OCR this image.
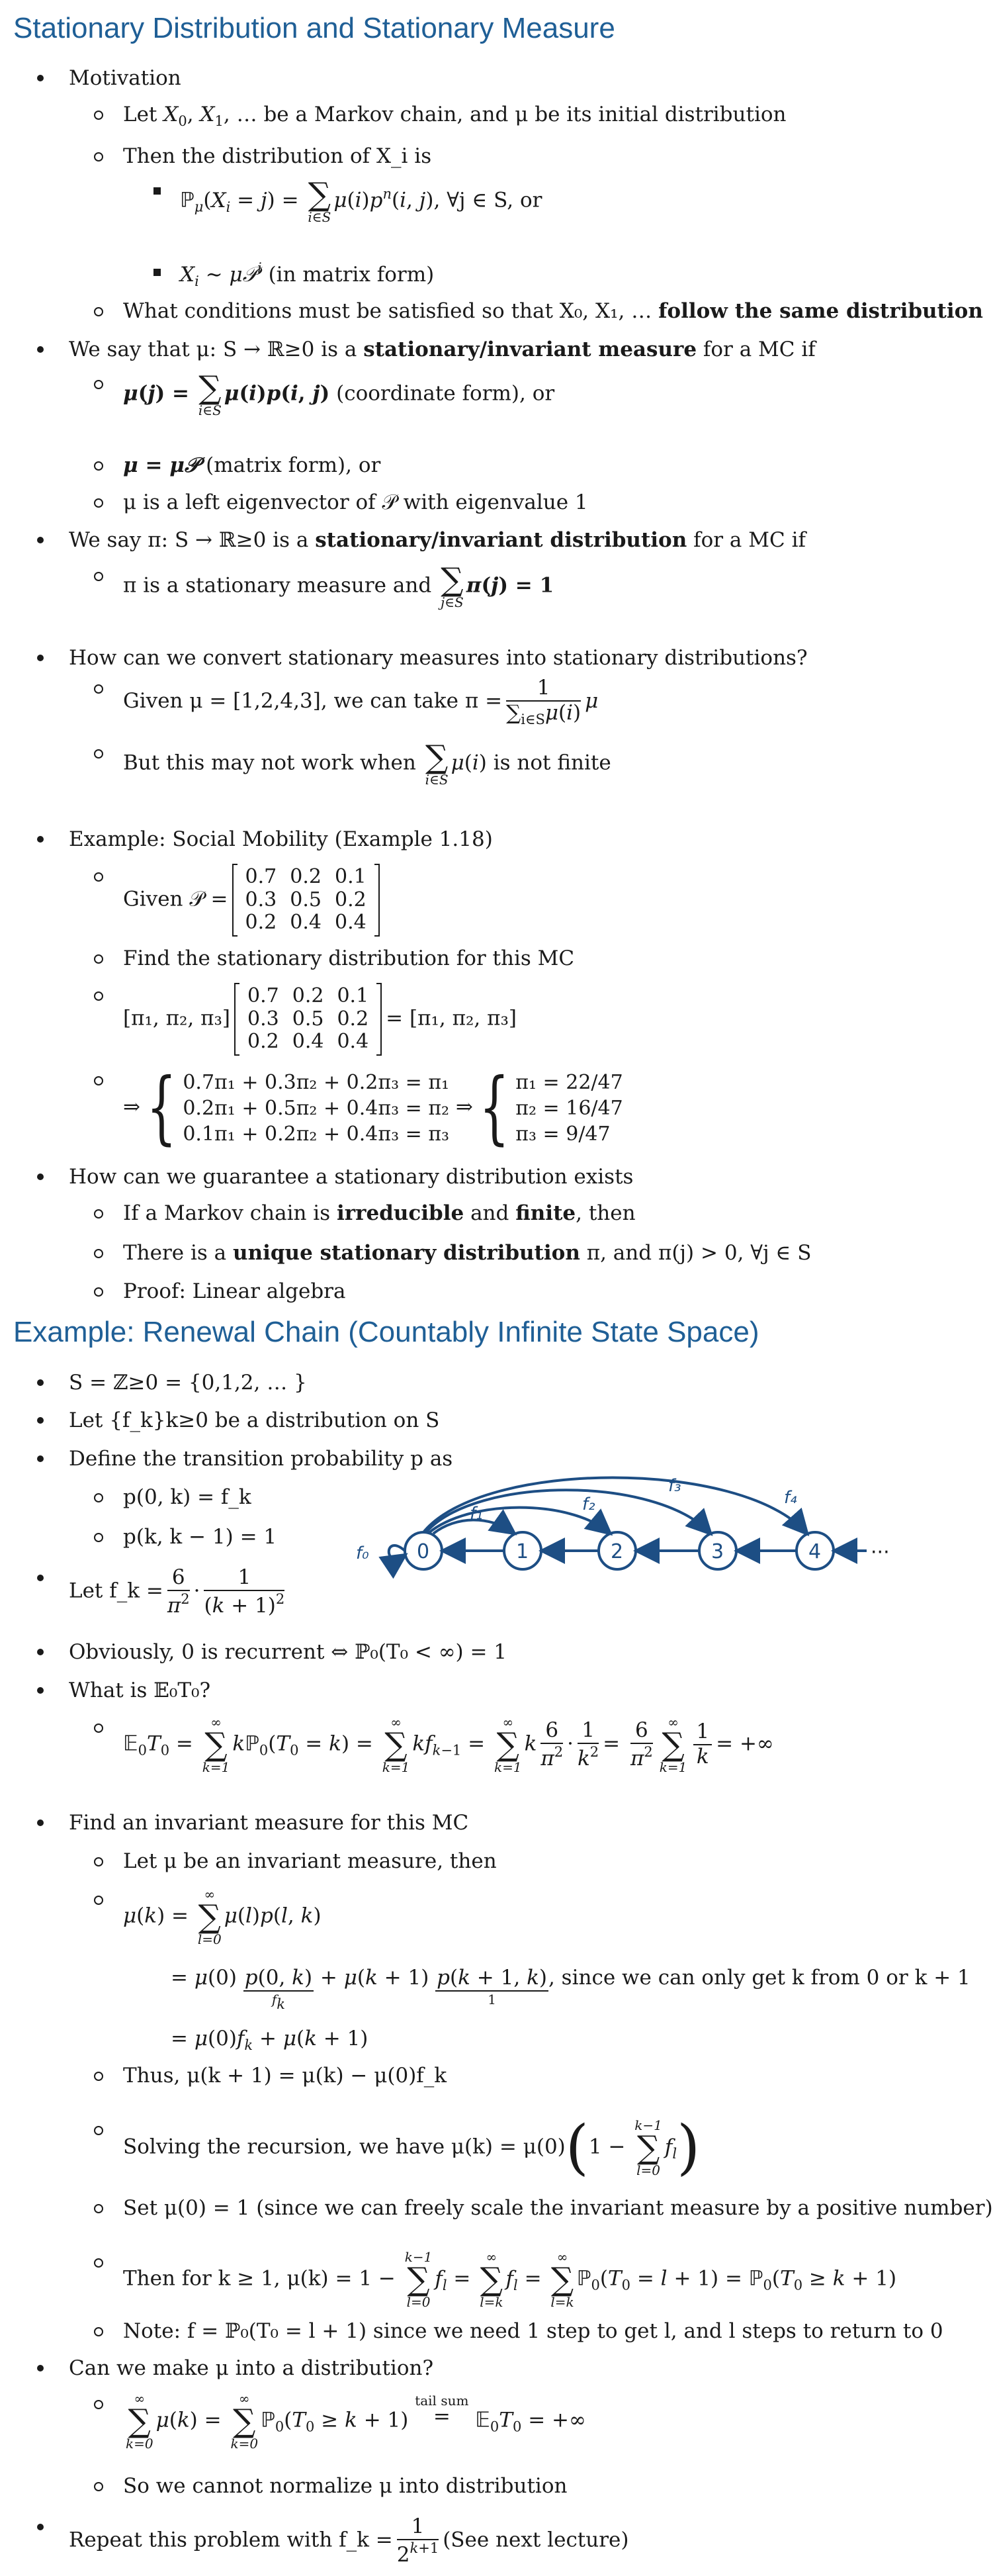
Stationary Distribution and Stationary Measure
Motivation
Let $X_0$, $X_1$, … be a Markov chain, and μ be its initial distribution
Then the distribution of X_i is
$ℙ_\mu(X_i = j)$ = ∑
i∈S
$\mu(i)p^n(i$, j), ∀j ∈ S, or
$X_i$ ∼ μ𝒫$^i$ (in matrix form)
What conditions must be satisfied so that X₀, X₁, … follow the same distribution
We say that μ: S → ℝ≥0 is a stationary/invariant measure for a MC if
μ(j) = ∑
i∈S
μ(i)p(i, j) (coordinate form), or
μ = μ𝒫 (matrix form), or
μ is a left eigenvector of 𝒫 with eigenvalue 1
We say π: S → ℝ≥0 is a stationary/invariant distribution for a MC if
π is a stationary measure and ∑
j∈S
π(j) = 1
How can we convert stationary measures into stationary distributions?
Given μ = [1,2,4,3], we can take $\pi = \frac{1}{\sum_{i\in S}\mu(i)}$ μ
But this may not work when ∑
i∈S
μ(i) is not finite
Example: Social Mobility (Example 1.18)
Given 𝒫 =
0.7	0.2	0.1
0.3	0.5	0.2
0.2	0.4	0.4
Find the stationary distribution for this MC
[π₁, π₂, π₃]
0.7	0.2	0.1
0.3	0.5	0.2
0.2	0.4	0.4
= [π₁, π₂, π₃]
⇒{ 0.7π₁ + 0.3π₂ + 0.2π₃ = π₁
0.2π₁ + 0.5π₂ + 0.4π₃ = π₂
0.1π₁ + 0.2π₂ + 0.4π₃ = π₃ ⇒{ π₁ = 22/47
π₂ = 16/47
π₃ = 9/47
How can we guarantee a stationary distribution exists
If a Markov chain is irreducible and finite, then
There is a unique stationary distribution π, and π(j) > 0, ∀j ∈ S
Proof: Linear algebra
Example: Renewal Chain (Countably Infinite State Space)
S = ℤ≥0 = {0,1,2, … }
Let {f_k}k≥0 be a distribution on S
Define the transition probability p as
p(0, k) = f_k
p(k, k − 1) = 1
0	1	2	3	4
f₀
f₁	f₂
f₃
f₄
···
Let f_k = $\frac{6}{\pi^2} \cdot \frac{1}{(k + 1)^2}$
Obviously, 0 is recurrent ⇔ ℙ₀(T₀ < ∞) = 1
What is 𝔼₀T₀?
$𝔼_0T_0$ =
∞
∑
k=1
$kℙ_0(T_0 = k)$ =
∞
∑
k=1
$kf_{k-1}$ =
∞
∑
k=1
k $\frac{6}{\pi^2} \cdot \frac{1}{k^2} = \frac{6}{\pi^2}$	∞
∑
$k=1 \frac{1}{k}$ = +∞
Find an invariant measure for this MC
Let μ be an invariant measure, then
μ(k) =
∞
∑
l=0
μ(l)p(l, k)
= μ(0) p(0, k)
fk
+ μ(k + 1) p(k + 1, k)
1
, since we can only get k from 0 or k + 1
= $\mu(0)f_k + \mu(k + 1)$
Thus, μ(k + 1) = μ(k) − μ(0)f_k
Solving the recursion, we have μ(k) = μ(0)(1 −
k−1
∑
l=0
$f_l$)
Set μ(0) = 1 (since we can freely scale the invariant measure by a positive number)
Then for k ≥ 1, μ(k) = 1 −
k−1
∑
l=0
$f_l$ =
∞
∑
l=k
$f_l$ =
∞
∑
l=k
$ℙ_0(T_0 = l + 1)$ = $ℙ_0(T_0 \ge k + 1)$
Note: f = ℙ₀(T₀ = l + 1) since we need 1 step to get l, and l steps to return to 0
Can we make μ into a distribution?
∞
∑
k=0
μ(k) =
∞
∑
k=0
$ℙ_0(T_0 \ge k + 1)$
tail sum
=	$𝔼_0T_0$ = +∞
So we cannot normalize μ into distribution
Repeat this problem with f_k = $\frac{1}{2^{k+1}} (See$ next lecture)
